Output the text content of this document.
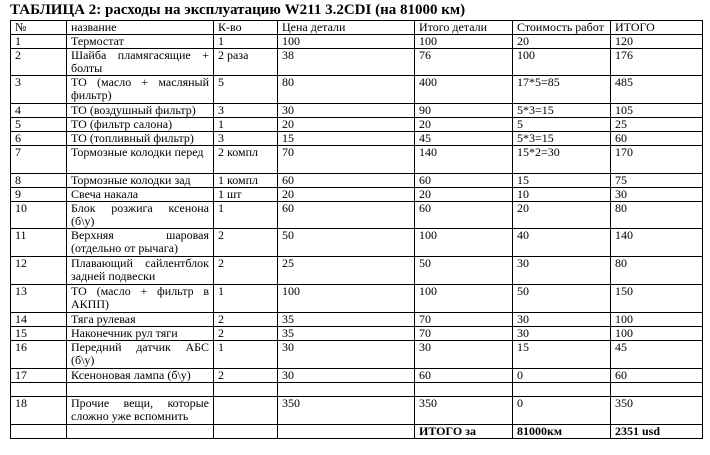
ТАБЛИЦА 2: расходы на эксплуатацию W211 3.2CDI (на 81000 км)
№	название	К-во	Цена детали	Итого детали	Стоимость работ	ИТОГО
1	Термостат	1	100	100	20	120
2	Шайба пламягасящие + болты	2 раза	38	76	100	176
3	ТО (масло + масляный фильтр)	5	80	400	17*5=85	485
4	ТО (воздушный фильтр)	3	30	90	5*3=15	105
5	ТО (фильтр салона)	1	20	20	5	25
6	ТО (топливный фильтр)	3	15	45	5*3=15	60
7	Тормозные колодки перед	2 компл	70	140	15*2=30	170
8	Тормозные колодки зад	1 компл	60	60	15	75
9	Свеча накала	1 шт	20	20	10	30
10	Блок розжига ксенона (б\у)	1	60	60	20	80
11	Верхняя шаровая (отдельно от рычага)	2	50	100	40	140
12	Плавающий сайлентблок задней подвески	2	25	50	30	80
13	ТО (масло + фильтр в АКПП)	1	100	100	50	150
14	Тяга рулевая	2	35	70	30	100
15	Наконечник рул тяги	2	35	70	30	100
16	Передний датчик АБС (б\у)	1	30	30	15	45
17	Ксеноновая лампа (б\у)	2	30	60	0	60

18	Прочие вещи, которые сложно уже вспомнить		350	350	0	350
				ИТОГО за	81000км	2351 usd
